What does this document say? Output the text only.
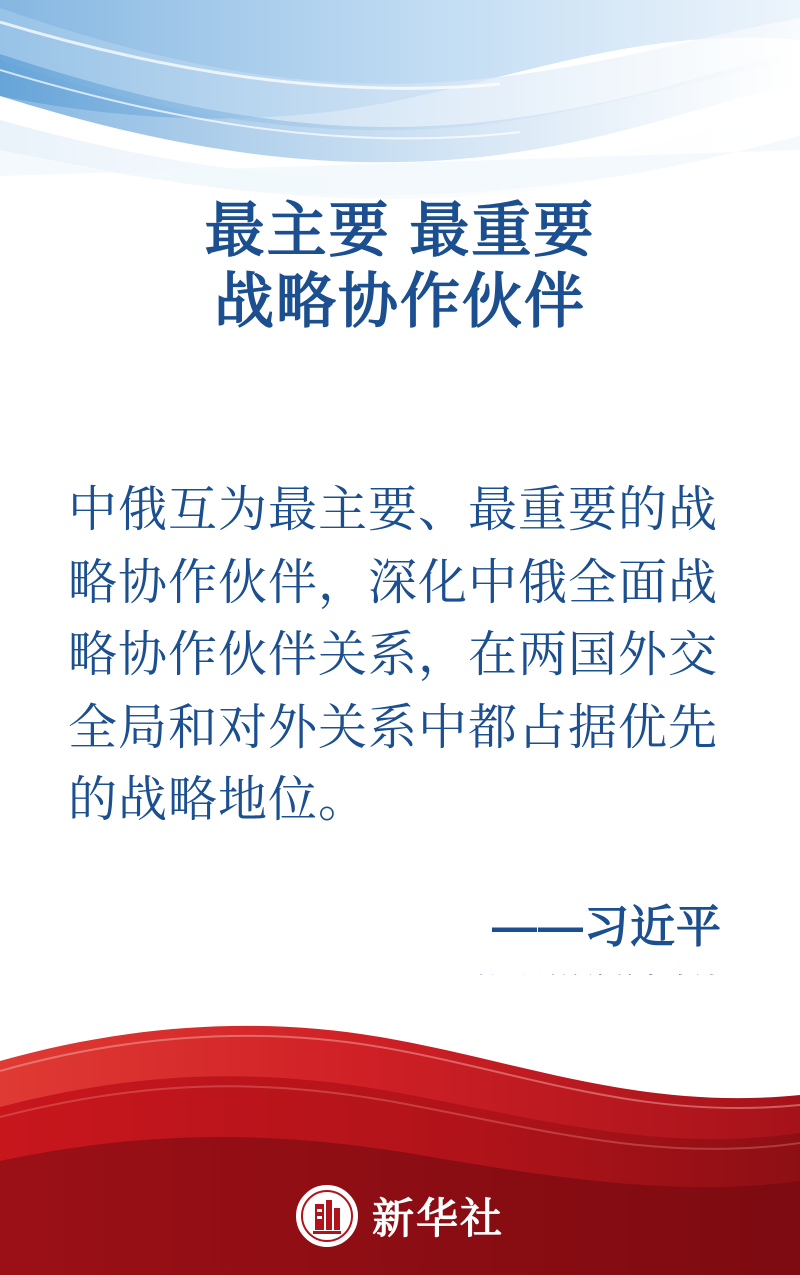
最主要 最重要
战略协作伙伴
中俄互为最主要、最重要的战略协作伙伴，深化中俄全面战略协作伙伴关系，在两国外交全局和对外关系中都占据优先的战略地位。
——习近平
新华社
